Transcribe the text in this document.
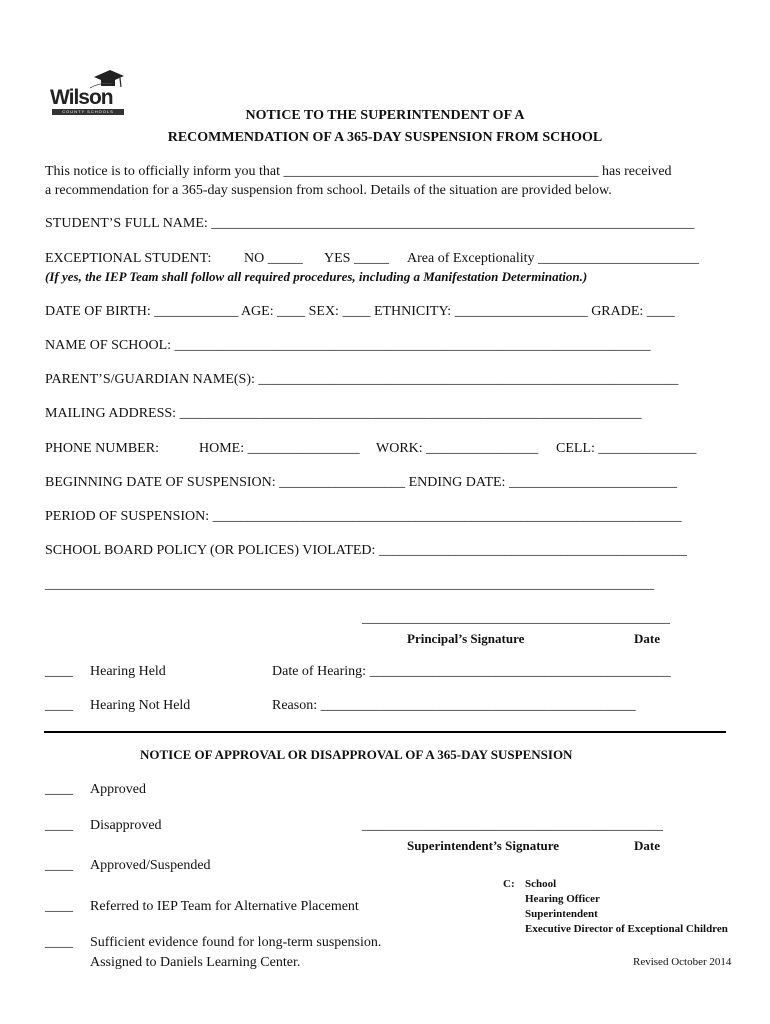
Wilson
COUNTY SCHOOLS	NOTICE TO THE SUPERINTENDENT OF A
RECOMMENDATION OF A 365-DAY SUSPENSION FROM SCHOOL
This notice is to officially inform you that _____________________________________________ has received
a recommendation for a 365-day suspension from school. Details of the situation are provided below.
STUDENT’S FULL NAME: _____________________________________________________________________
EXCEPTIONAL STUDENT: NO _____ YES _____ Area of Exceptionality _______________________
(If yes, the IEP Team shall follow all required procedures, including a Manifestation Determination.)
DATE OF BIRTH: ____________ AGE: ____ SEX: ____ ETHNICITY: ___________________ GRADE: ____
NAME OF SCHOOL: ____________________________________________________________________
PARENT’S/GUARDIAN NAME(S): ____________________________________________________________
MAILING ADDRESS: __________________________________________________________________
PHONE NUMBER:	HOME: ________________ WORK: ________________ CELL: ______________
BEGINNING DATE OF SUSPENSION: __________________ ENDING DATE: ________________________
PERIOD OF SUSPENSION: ___________________________________________________________________
SCHOOL BOARD POLICY (OR POLICES) VIOLATED: ____________________________________________
_______________________________________________________________________________________
____________________________________________
Principal’s Signature	Date
____ Hearing Held	Date of Hearing: ___________________________________________
____ Hearing Not Held	Reason: _____________________________________________
NOTICE OF APPROVAL OR DISAPPROVAL OF A 365-DAY SUSPENSION
____ Approved
____ Disapproved	___________________________________________
Superintendent’s Signature	Date
____ Approved/Suspended
____ Referred to IEP Team for Alternative Placement
____ Sufficient evidence found for long-term suspension.
Assigned to Daniels Learning Center.
C: School
Hearing Officer
Superintendent
Executive Director of Exceptional Children
Revised October 2014
